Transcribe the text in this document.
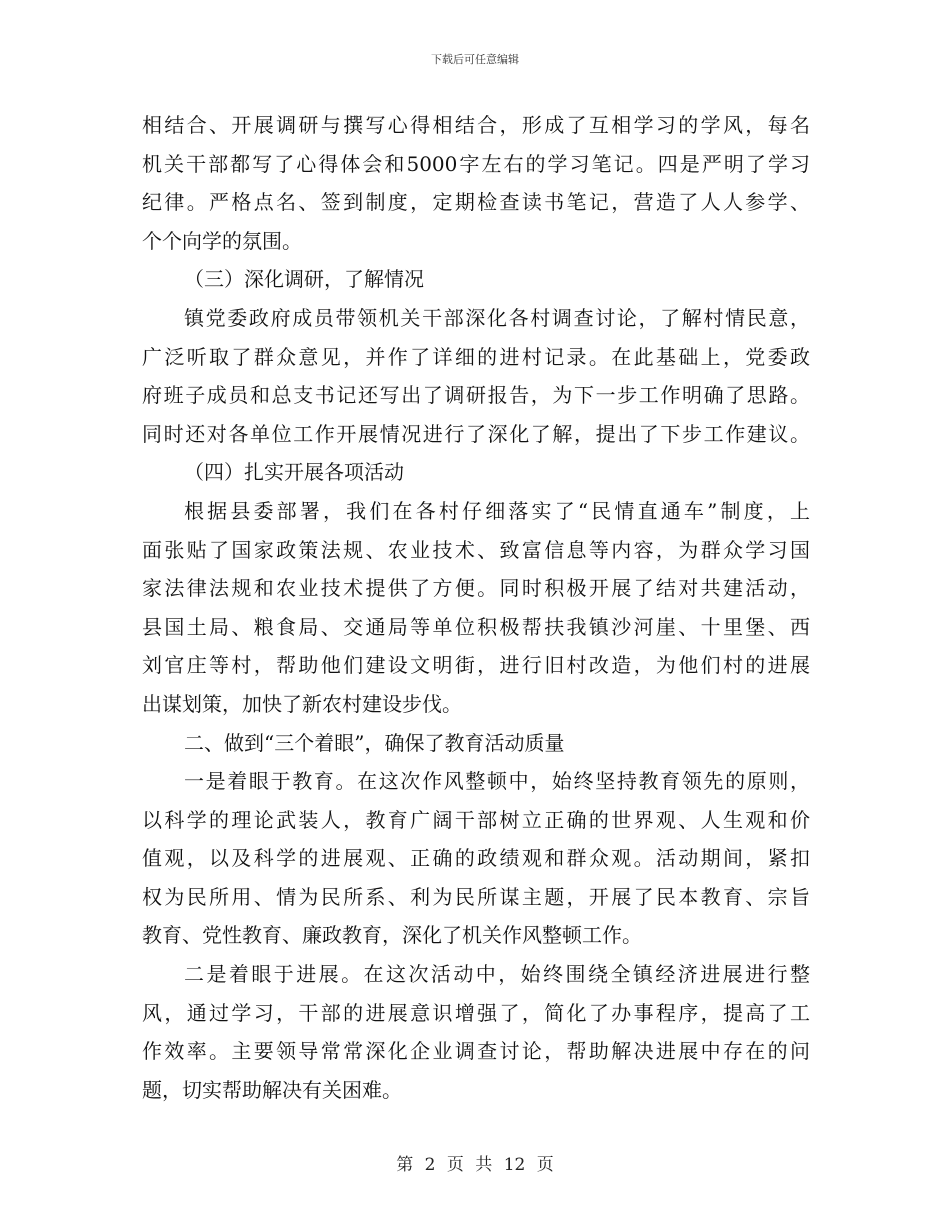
下载后可任意编辑
相结合、开展调研与撰写心得相结合，形成了互相学习的学风，每名
机关干部都写了心得体会和5000字左右的学习笔记。四是严明了学习
纪律。严格点名、签到制度，定期检查读书笔记，营造了人人参学、
个个向学的氛围。
（三）深化调研，了解情况
镇党委政府成员带领机关干部深化各村调查讨论，了解村情民意，
广泛听取了群众意见，并作了详细的进村记录。在此基础上，党委政
府班子成员和总支书记还写出了调研报告，为下一步工作明确了思路。
同时还对各单位工作开展情况进行了深化了解，提出了下步工作建议。
（四）扎实开展各项活动
根据县委部署，我们在各村仔细落实了“民情直通车”制度，上
面张贴了国家政策法规、农业技术、致富信息等内容，为群众学习国
家法律法规和农业技术提供了方便。同时积极开展了结对共建活动，
县国土局、粮食局、交通局等单位积极帮扶我镇沙河崖、十里堡、西
刘官庄等村，帮助他们建设文明街，进行旧村改造，为他们村的进展
出谋划策，加快了新农村建设步伐。
二、做到“三个着眼”，确保了教育活动质量
一是着眼于教育。在这次作风整顿中，始终坚持教育领先的原则，
以科学的理论武装人，教育广阔干部树立正确的世界观、人生观和价
值观，以及科学的进展观、正确的政绩观和群众观。活动期间，紧扣
权为民所用、情为民所系、利为民所谋主题，开展了民本教育、宗旨
教育、党性教育、廉政教育，深化了机关作风整顿工作。
二是着眼于进展。在这次活动中，始终围绕全镇经济进展进行整
风，通过学习，干部的进展意识增强了，简化了办事程序，提高了工
作效率。主要领导常常深化企业调查讨论，帮助解决进展中存在的问
题，切实帮助解决有关困难。
第 2 页 共 12 页
